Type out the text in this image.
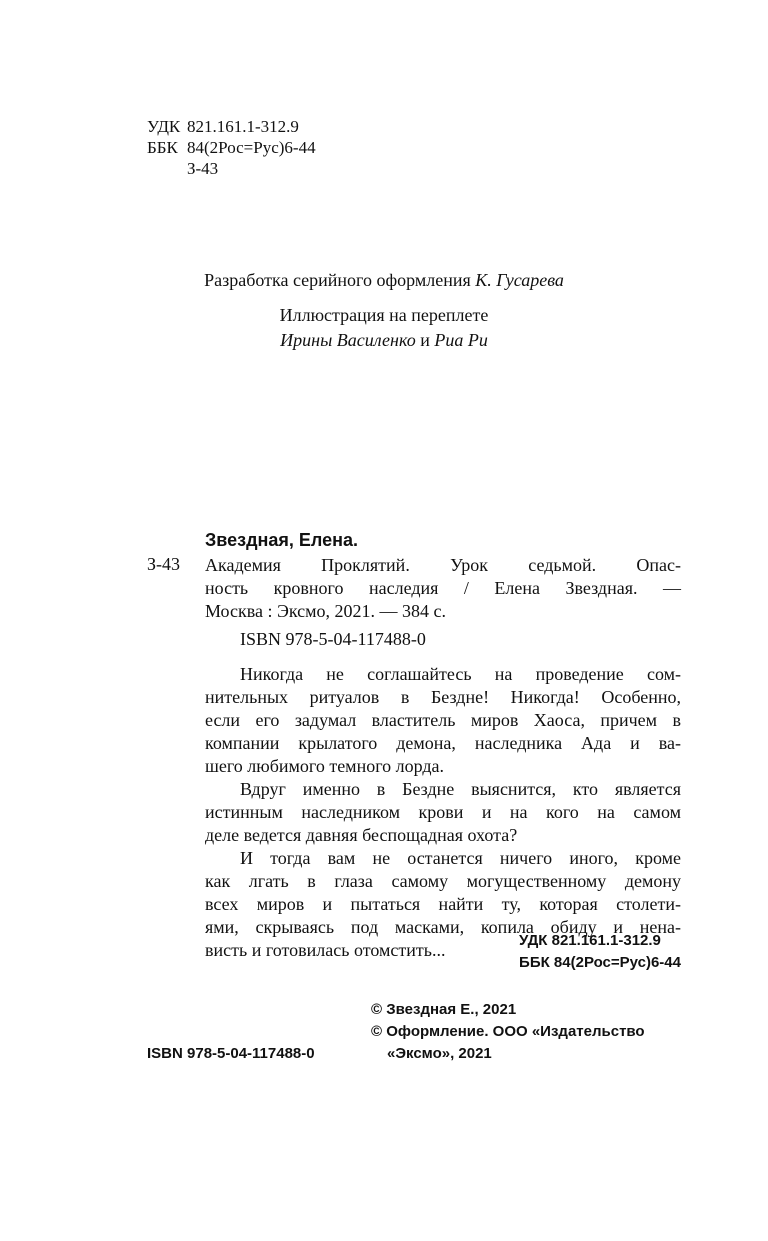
УДК 821.161.1-312.9
ББК 84(2Рос=Рус)6-44
З-43
Разработка серийного оформления К. Гусарева
Иллюстрация на переплете
Ирины Василенко и Риа Ри
Звездная, Елена.
З-43 Академия Проклятий. Урок седьмой. Опас-
ность кровного наследия / Елена Звездная. —
Москва : Эксмо, 2021. — 384 с.
ISBN 978-5-04-117488-0
Никогда не соглашайтесь на проведение сом-
нительных ритуалов в Бездне! Никогда! Особенно,
если его задумал властитель миров Хаоса, причем в
компании крылатого демона, наследника Ада и ва-
шего любимого темного лорда.
Вдруг именно в Бездне выяснится, кто является
истинным наследником крови и на кого на самом
деле ведется давняя беспощадная охота?
И тогда вам не останется ничего иного, кроме
как лгать в глаза самому могущественному демону
всех миров и пытаться найти ту, которая столети-
ями, скрываясь под масками, копила обиду и нена-
висть и готовилась отомстить...	УДК 821.161.1-312.9
ББК 84(2Рос=Рус)6-44
© Звездная Е., 2021
© Оформление. ООО «Издательство
ISBN 978-5-04-117488-0	«Эксмо», 2021
